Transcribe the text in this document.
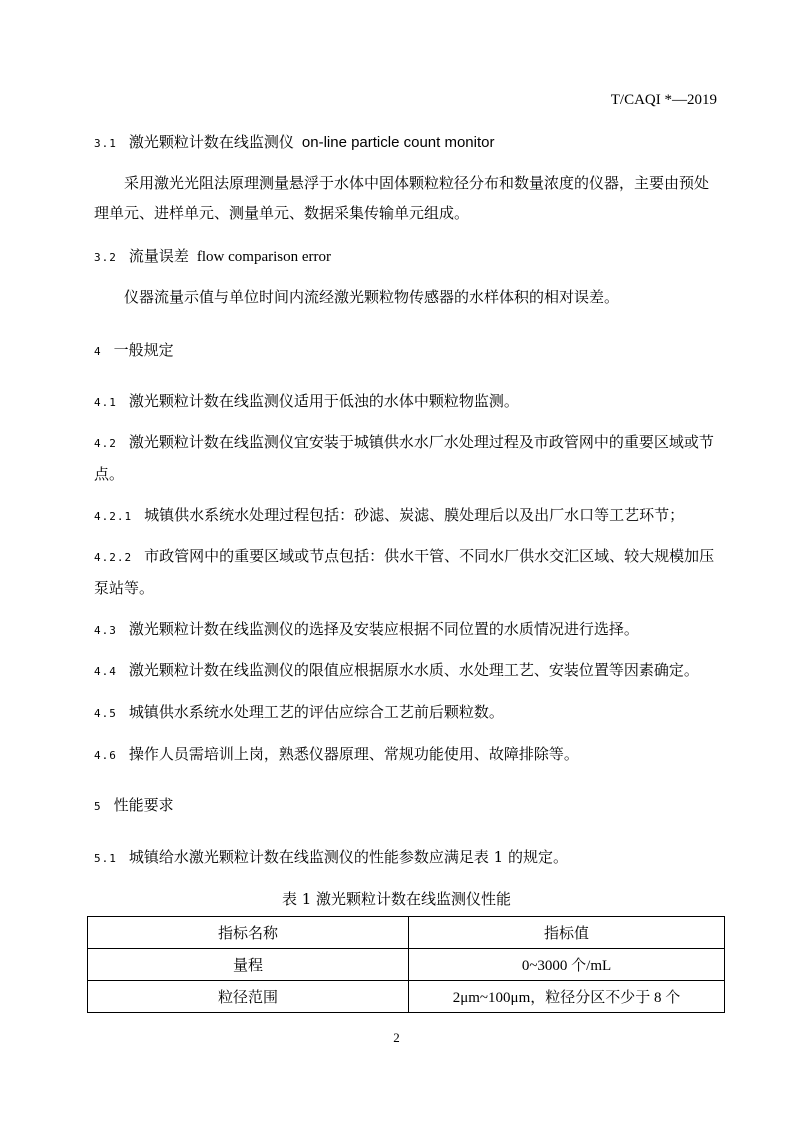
T/CAQI *—2019
3.1 激光颗粒计数在线监测仪 on-line particle count monitor
采用激光光阻法原理测量悬浮于水体中固体颗粒粒径分布和数量浓度的仪器，主要由预处理单元、进样单元、测量单元、数据采集传输单元组成。
3.2 流量误差 flow comparison error
仪器流量示值与单位时间内流经激光颗粒物传感器的水样体积的相对误差。
4 一般规定
4.1 激光颗粒计数在线监测仪适用于低浊的水体中颗粒物监测。
4.2 激光颗粒计数在线监测仪宜安装于城镇供水水厂水处理过程及市政管网中的重要区域或节点。
4.2.1 城镇供水系统水处理过程包括：砂滤、炭滤、膜处理后以及出厂水口等工艺环节；
4.2.2 市政管网中的重要区域或节点包括：供水干管、不同水厂供水交汇区域、较大规模加压泵站等。
4.3 激光颗粒计数在线监测仪的选择及安装应根据不同位置的水质情况进行选择。
4.4 激光颗粒计数在线监测仪的限值应根据原水水质、水处理工艺、安装位置等因素确定。
4.5 城镇供水系统水处理工艺的评估应综合工艺前后颗粒数。
4.6 操作人员需培训上岗，熟悉仪器原理、常规功能使用、故障排除等。
5 性能要求
5.1 城镇给水激光颗粒计数在线监测仪的性能参数应满足表 1 的规定。
表 1 激光颗粒计数在线监测仪性能
指标名称	指标值
量程	0~3000 个/mL
粒径范围	2μm~100μm，粒径分区不少于 8 个
2
